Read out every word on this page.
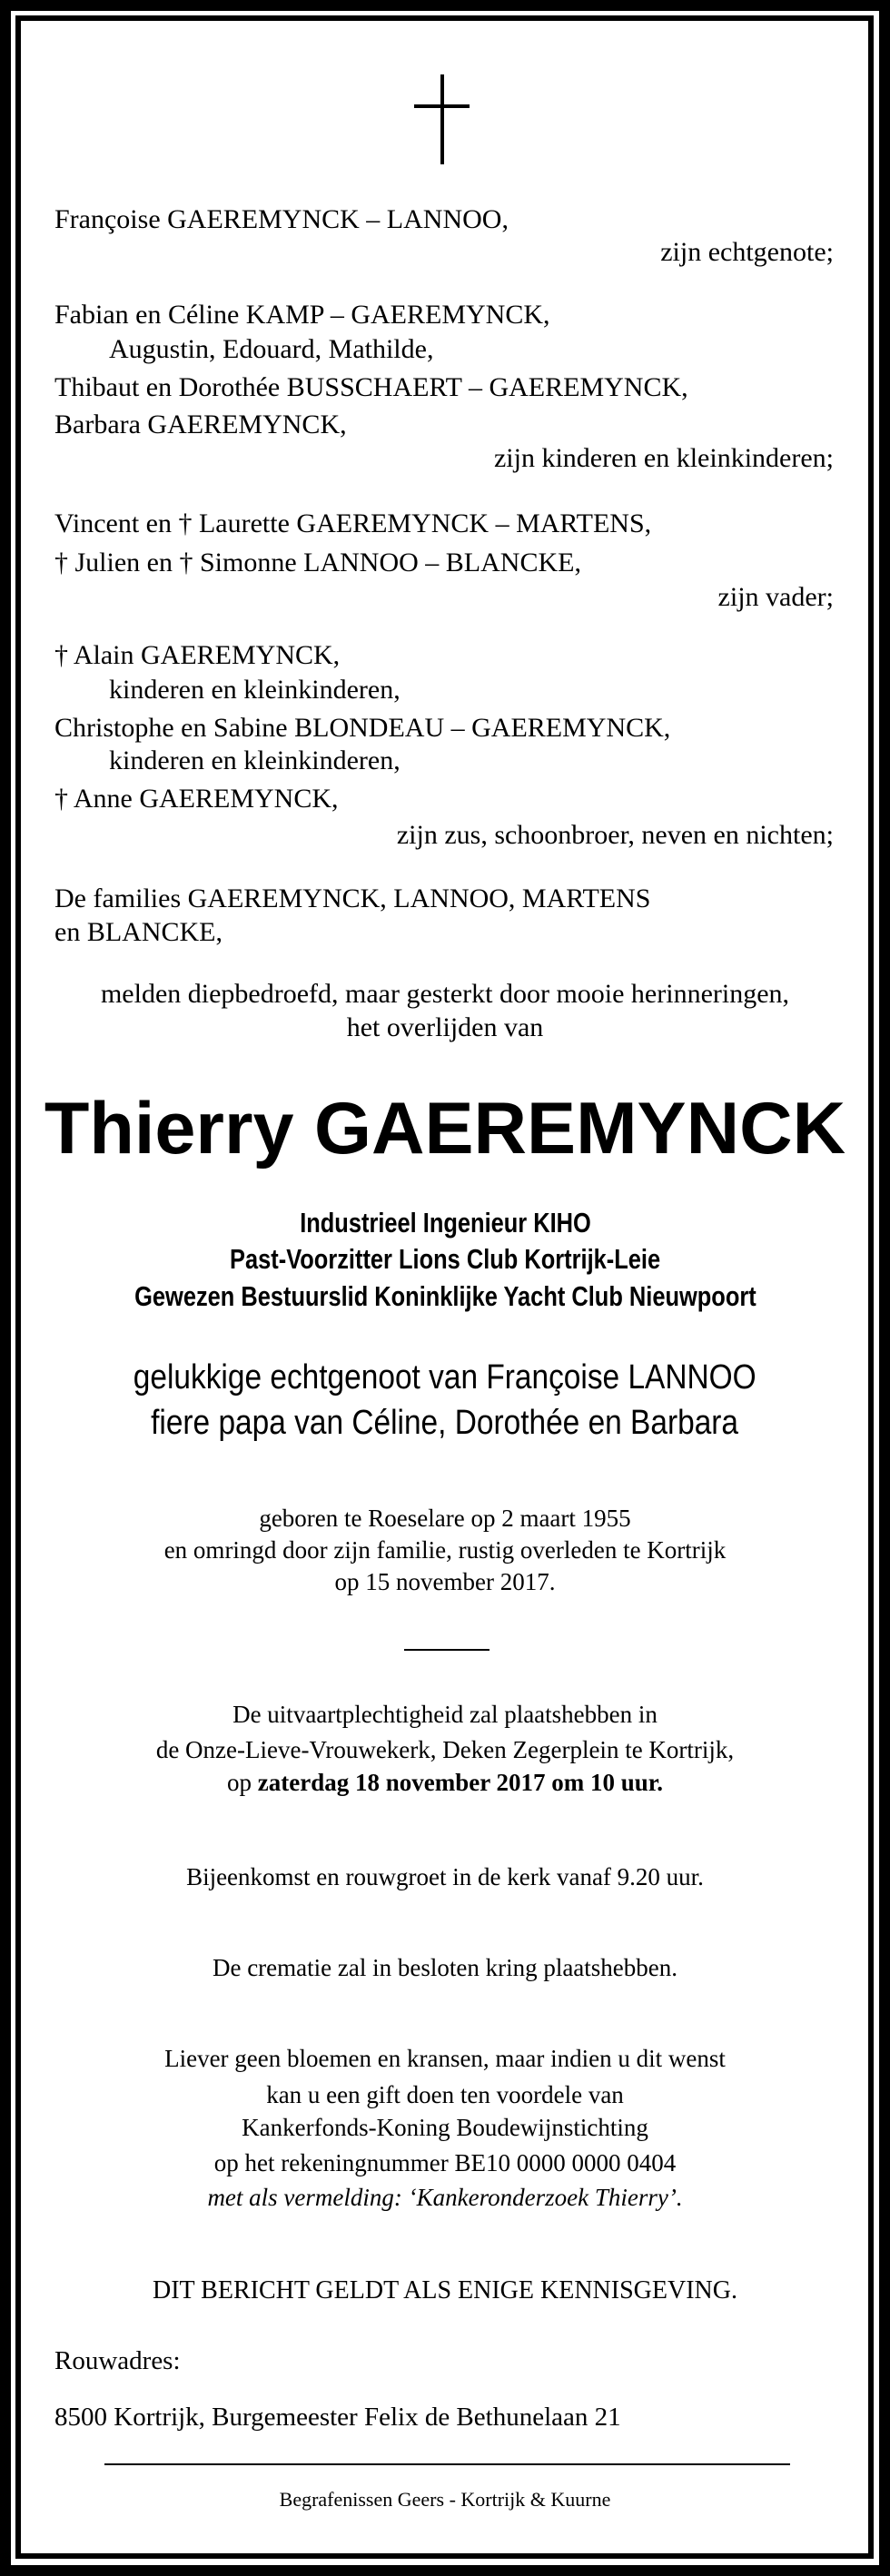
Françoise GAEREMYNCK – LANNOO,
zijn echtgenote;
Fabian en Céline KAMP – GAEREMYNCK,
Augustin, Edouard, Mathilde,
Thibaut en Dorothée BUSSCHAERT – GAEREMYNCK,
Barbara GAEREMYNCK,
zijn kinderen en kleinkinderen;
Vincent en † Laurette GAEREMYNCK – MARTENS,
† Julien en † Simonne LANNOO – BLANCKE,
zijn vader;
† Alain GAEREMYNCK,
kinderen en kleinkinderen,
Christophe en Sabine BLONDEAU – GAEREMYNCK,
kinderen en kleinkinderen,
† Anne GAEREMYNCK,
zijn zus, schoonbroer, neven en nichten;
De families GAEREMYNCK, LANNOO, MARTENS
en BLANCKE,
melden diepbedroefd, maar gesterkt door mooie herinneringen,
het overlijden van
Thierry GAEREMYNCK
Industrieel Ingenieur KIHO
Past-Voorzitter Lions Club Kortrijk-Leie
Gewezen Bestuurslid Koninklijke Yacht Club Nieuwpoort
gelukkige echtgenoot van Françoise LANNOO
fiere papa van Céline, Dorothée en Barbara
geboren te Roeselare op 2 maart 1955
en omringd door zijn familie, rustig overleden te Kortrijk
op 15 november 2017.
De uitvaartplechtigheid zal plaatshebben in
de Onze-Lieve-Vrouwekerk, Deken Zegerplein te Kortrijk,
op zaterdag 18 november 2017 om 10 uur.
Bijeenkomst en rouwgroet in de kerk vanaf 9.20 uur.
De crematie zal in besloten kring plaatshebben.
Liever geen bloemen en kransen, maar indien u dit wenst
kan u een gift doen ten voordele van
Kankerfonds-Koning Boudewijnstichting
op het rekeningnummer BE10 0000 0000 0404
met als vermelding: ‘Kankeronderzoek Thierry’.
DIT BERICHT GELDT ALS ENIGE KENNISGEVING.
Rouwadres:
8500 Kortrijk, Burgemeester Felix de Bethunelaan 21
Begrafenissen Geers - Kortrijk & Kuurne
